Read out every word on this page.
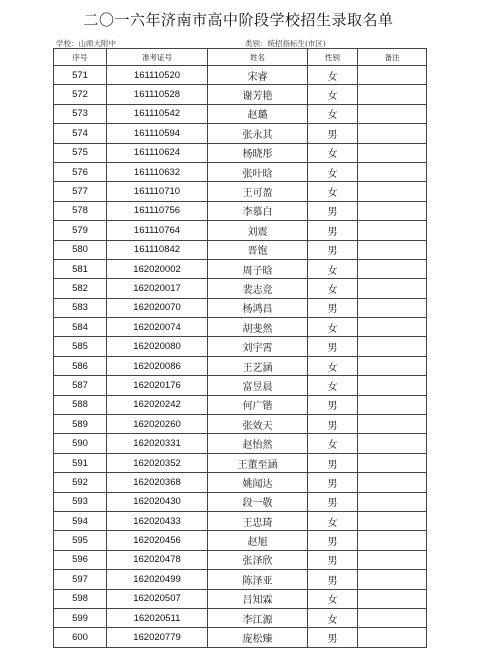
二〇一六年济南市高中阶段学校招生录取名单
学校：山师大附中	类别：统招指标生(市区)
序号	准考证号	姓名	性别	备注
571	161110520	宋睿	女	
572	161110528	谢芳艳	女	
573	161110542	赵璐	女	
574	161110594	张永其	男	
575	161110624	杨晓彤	女	
576	161110632	张叶晗	女	
577	161110710	王可盈	女	
578	161110756	李慕白	男	
579	161110764	刘震	男	
580	161110842	晋饱	男	
581	162020002	周子晗	女	
582	162020017	裴志竞	女	
583	162020070	杨鸿昌	男	
584	162020074	胡斐然	女	
585	162020080	刘宇霄	男	
586	162020086	王艺涵	女	
587	162020176	富昱晨	女	
588	162020242	何广锴	男	
589	162020260	张效天	男	
590	162020331	赵怡然	女	
591	162020352	王董至涵	男	
592	162020368	姚闻达	男	
593	162020430	段一敬	男	
594	162020433	王忠琦	女	
595	162020456	赵旭	男	
596	162020478	张泽欣	男	
597	162020499	陈泽亚	男	
598	162020507	吕知霖	女	
599	162020511	李江源	女	
600	162020779	庞松臻	男	
